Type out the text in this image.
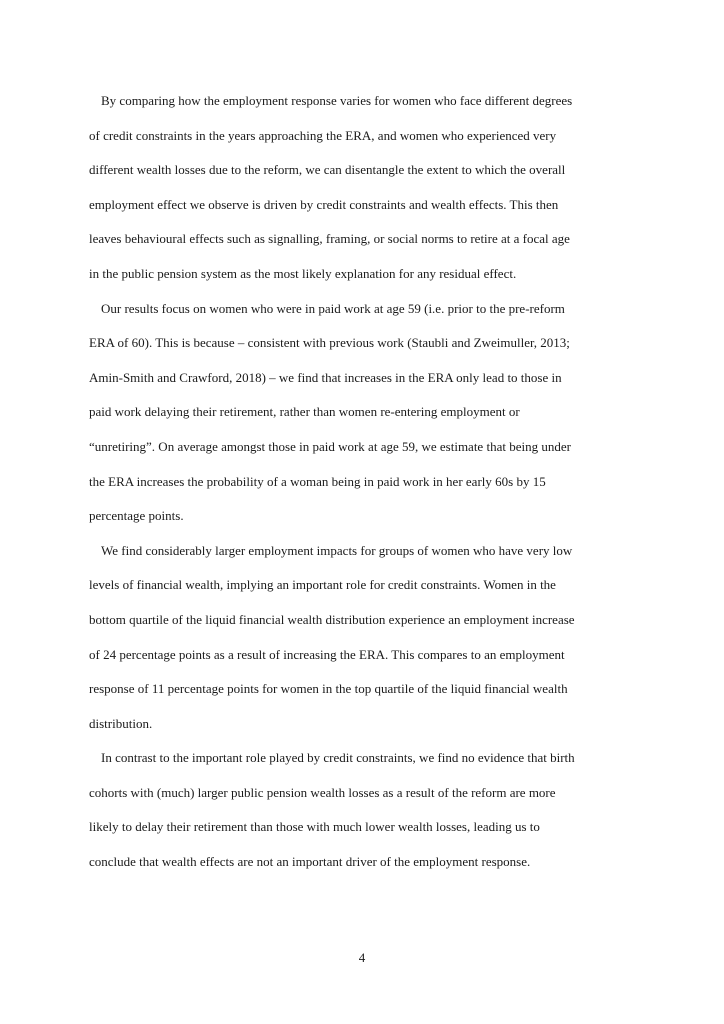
By comparing how the employment response varies for women who face different degrees
of credit constraints in the years approaching the ERA, and women who experienced very
different wealth losses due to the reform, we can disentangle the extent to which the overall
employment effect we observe is driven by credit constraints and wealth effects. This then
leaves behavioural effects such as signalling, framing, or social norms to retire at a focal age
in the public pension system as the most likely explanation for any residual effect.

Our results focus on women who were in paid work at age 59 (i.e. prior to the pre-reform
ERA of 60). This is because – consistent with previous work (Staubli and Zweimuller, 2013;
Amin-Smith and Crawford, 2018) – we find that increases in the ERA only lead to those in
paid work delaying their retirement, rather than women re-entering employment or
“unretiring”. On average amongst those in paid work at age 59, we estimate that being under
the ERA increases the probability of a woman being in paid work in her early 60s by 15
percentage points.

We find considerably larger employment impacts for groups of women who have very low
levels of financial wealth, implying an important role for credit constraints. Women in the
bottom quartile of the liquid financial wealth distribution experience an employment increase
of 24 percentage points as a result of increasing the ERA. This compares to an employment
response of 11 percentage points for women in the top quartile of the liquid financial wealth
distribution.

In contrast to the important role played by credit constraints, we find no evidence that birth
cohorts with (much) larger public pension wealth losses as a result of the reform are more
likely to delay their retirement than those with much lower wealth losses, leading us to
conclude that wealth effects are not an important driver of the employment response.

4
